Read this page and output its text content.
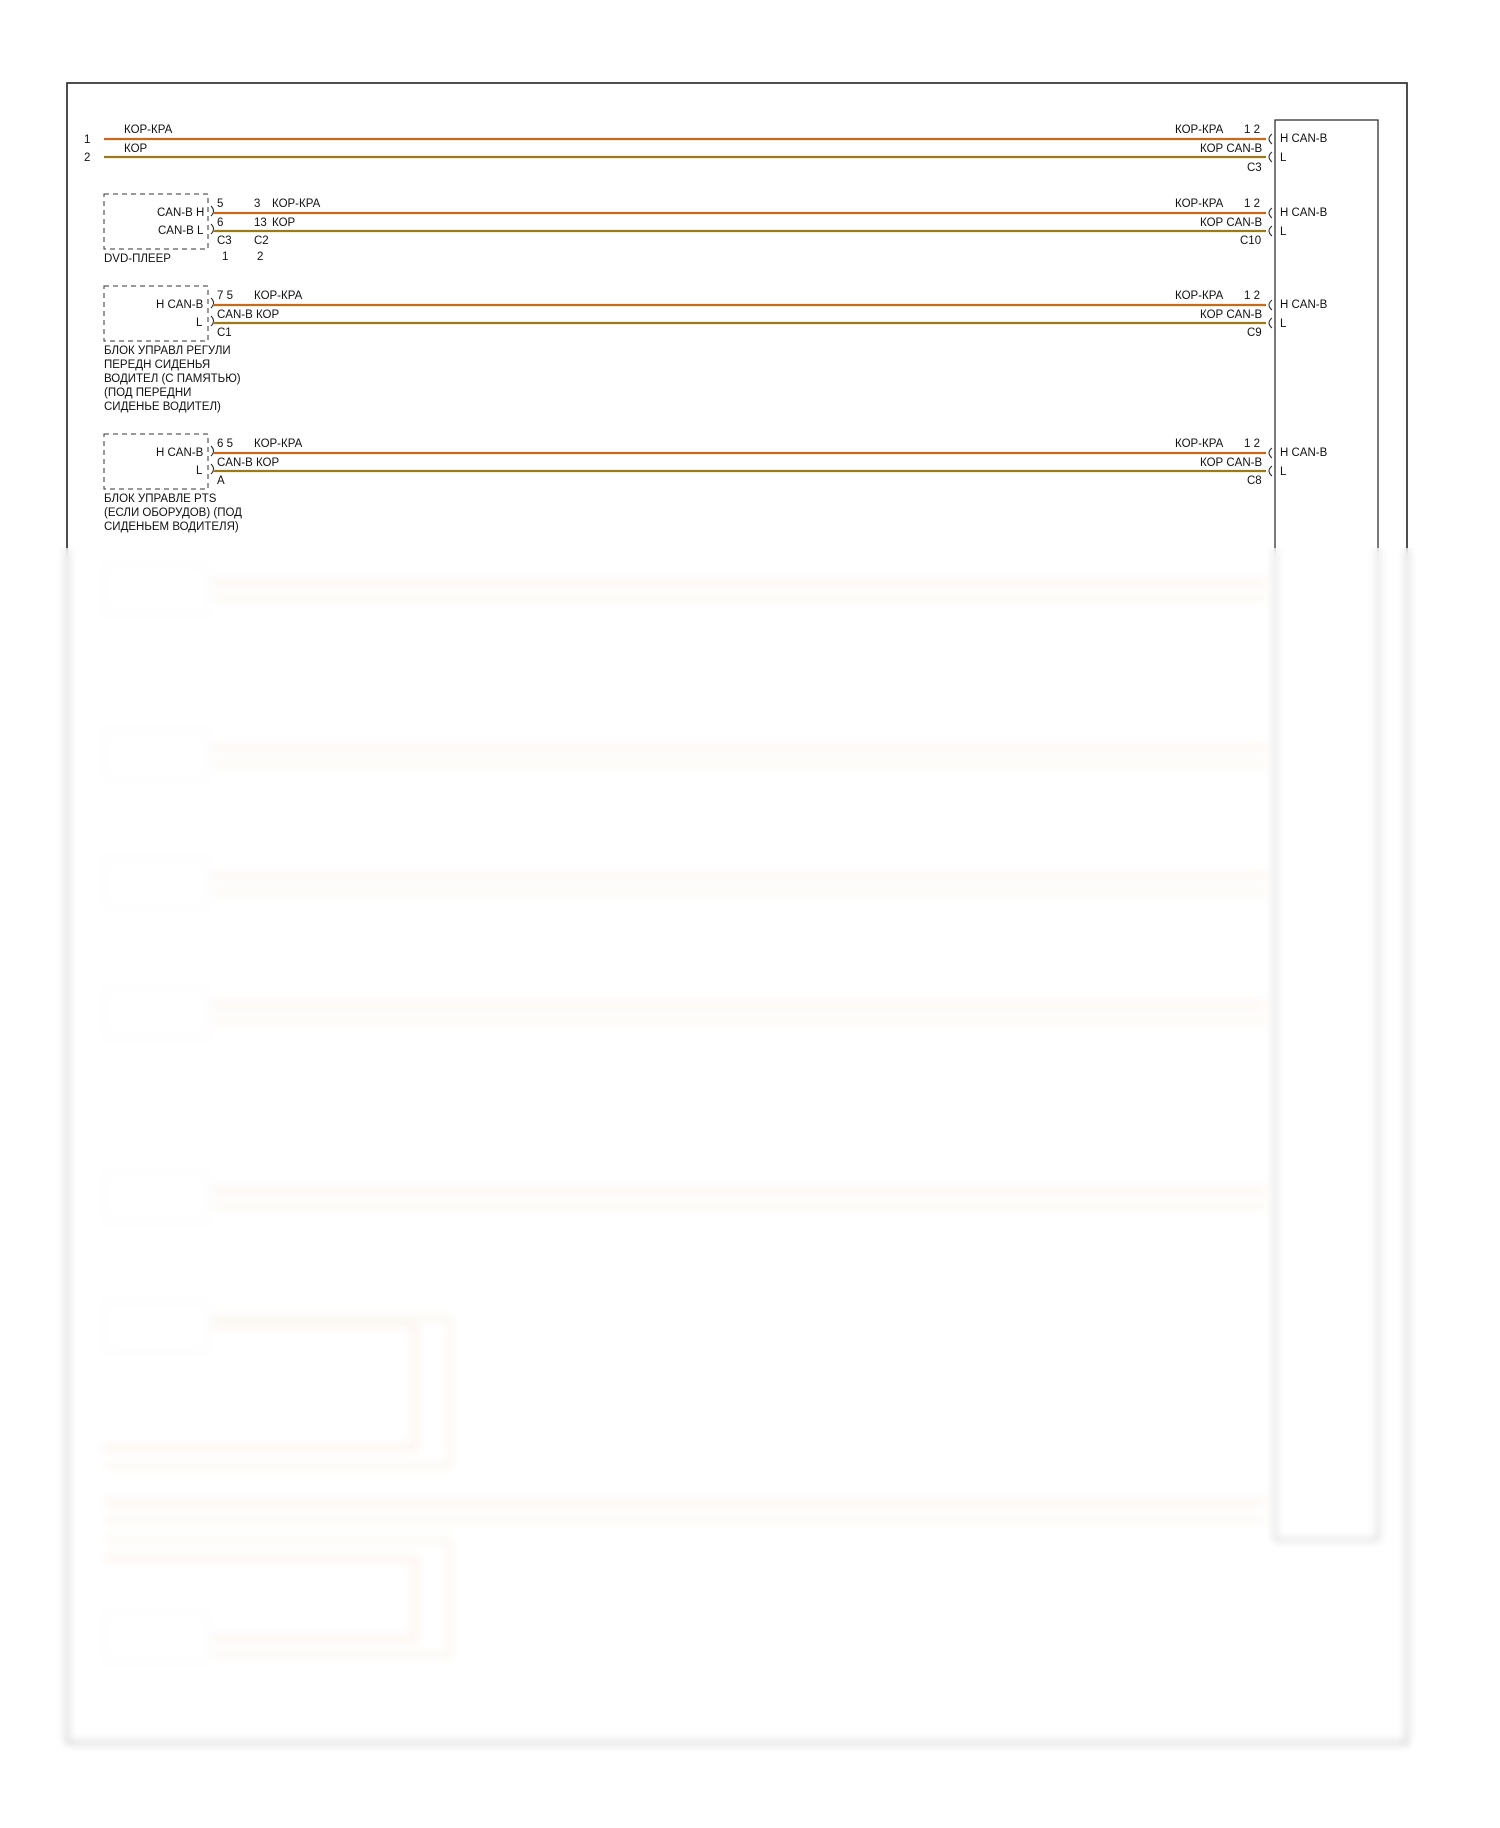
1
2
КОР-КРА
КОР
КОР-КРА 1 2
КОР CAN-B
C3
H CAN-B
L
CAN-B H
CAN-B L
5
6
C3
3
13
C2
1 2
КОР-КРА
КОР
КОР-КРА 1 2
КОР CAN-B
C10
H CAN-B
L
DVD-ПЛЕЕР
H CAN-B
L
7 5
CAN-B КОР
C1
КОР-КРА	КОР-КРА 1 2
КОР CAN-B
C9
H CAN-B
L
БЛОК УПРАВЛ РЕГУЛИ
ПЕРЕДН СИДЕНЬЯ
ВОДИТЕЛ (С ПАМЯТЬЮ)
(ПОД ПЕРЕДНИ
СИДЕНЬЕ ВОДИТЕЛ)
H CAN-B
L
6 5
CAN-B КОР
A
КОР-КРА	КОР-КРА 1 2
КОР CAN-B
C8
H CAN-B
L
БЛОК УПРАВЛЕ PTS
(ЕСЛИ ОБОРУДОВ) (ПОД
СИДЕНЬЕМ ВОДИТЕЛЯ)
